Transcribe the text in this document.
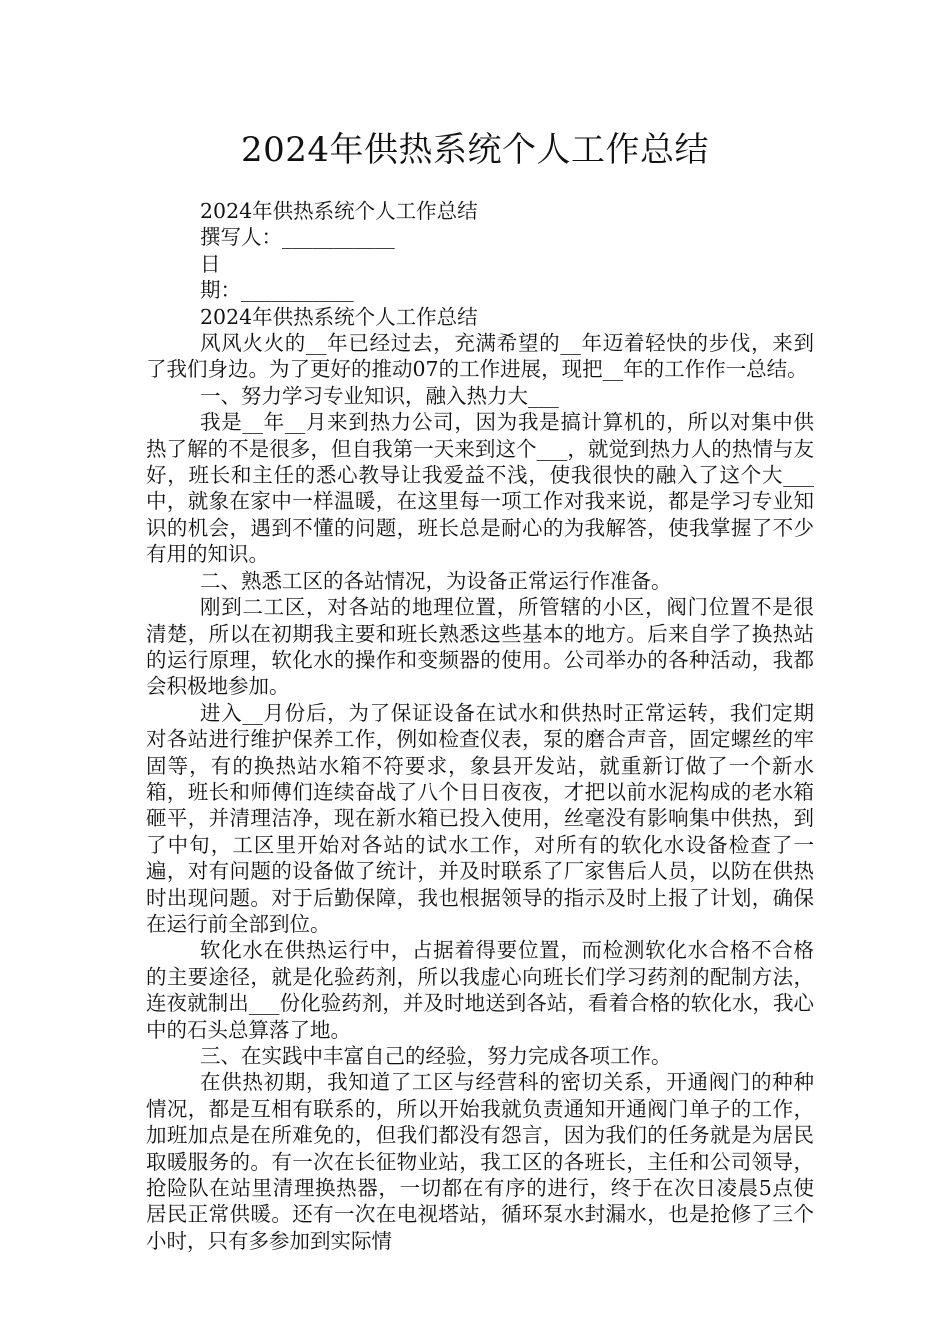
2024年供热系统个人工作总结

2024年供热系统个人工作总结

撰写人：___________

日

期：___________

2024年供热系统个人工作总结

风风火火的__年已经过去，充满希望的__年迈着轻快的步伐，来到了我们身边。为了更好的推动07的工作进展，现把__年的工作作一总结。

一、努力学习专业知识，融入热力大___

我是__年__月来到热力公司，因为我是搞计算机的，所以对集中供热了解的不是很多，但自我第一天来到这个___，就觉到热力人的热情与友好，班长和主任的悉心教导让我爱益不浅，使我很快的融入了这个大___中，就象在家中一样温暖，在这里每一项工作对我来说，都是学习专业知识的机会，遇到不懂的问题，班长总是耐心的为我解答，使我掌握了不少有用的知识。

二、熟悉工区的各站情况，为设备正常运行作准备。

刚到二工区，对各站的地理位置，所管辖的小区，阀门位置不是很清楚，所以在初期我主要和班长熟悉这些基本的地方。后来自学了换热站的运行原理，软化水的操作和变频器的使用。公司举办的各种活动，我都会积极地参加。

进入__月份后，为了保证设备在试水和供热时正常运转，我们定期对各站进行维护保养工作，例如检查仪表，泵的磨合声音，固定螺丝的牢固等，有的换热站水箱不符要求，象县开发站，就重新订做了一个新水箱，班长和师傅们连续奋战了八个日日夜夜，才把以前水泥构成的老水箱砸平，并清理洁净，现在新水箱已投入使用，丝毫没有影响集中供热，到了中旬，工区里开始对各站的试水工作，对所有的软化水设备检查了一遍，对有问题的设备做了统计，并及时联系了厂家售后人员，以防在供热时出现问题。对于后勤保障，我也根据领导的指示及时上报了计划，确保在运行前全部到位。

软化水在供热运行中，占据着得要位置，而检测软化水合格不合格的主要途径，就是化验药剂，所以我虚心向班长们学习药剂的配制方法，连夜就制出___份化验药剂，并及时地送到各站，看着合格的软化水，我心中的石头总算落了地。

三、在实践中丰富自己的经验，努力完成各项工作。

在供热初期，我知道了工区与经营科的密切关系，开通阀门的种种情况，都是互相有联系的，所以开始我就负责通知开通阀门单子的工作，加班加点是在所难免的，但我们都没有怨言，因为我们的任务就是为居民取暖服务的。有一次在长征物业站，我工区的各班长，主任和公司领导，抢险队在站里清理换热器，一切都在有序的进行，终于在次日凌晨5点使居民正常供暖。还有一次在电视塔站，循环泵水封漏水，也是抢修了三个小时，只有多参加到实际情
